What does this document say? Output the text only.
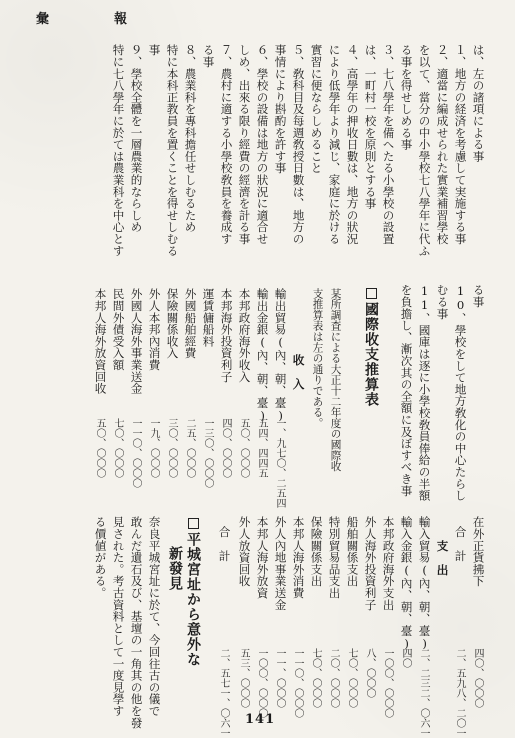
彙	報
は、左の諸項による事
１、地方の経済を考慮して実施する事
２、適當に編成せられた實業補習學校
を以て、當分の中小學校七八學年に代ふ
る事を得せしめる事
３、七八學年を備へたる小學校の設置
は、一町村一校を原則とする事
４、高學年の押收日數は、地方の狀況
により低學年より減じ、家庭に於ける
實習に便ならしめること
５、敎科目及每週敎授日數は、地方の
事情により斟酌を許す事
６、學校の設備は地方の狀況に適合せ
しめ、出來る限り經費の經濟を計る事
７、農村に適する小學校敎員を養成す
る事
８、農業科を專科擔任せしむるため
特に本科正教員を置くことを得せしむる
事
９、學校全體を一層農業的ならしめ
特に七八學年に於ては農業科を中心とす
る事
10、學校をして地方敎化の中心たらし
むる事
11、國庫は逐に小學校敎員俸給の半額
を負擔し、漸次其の全額に及ぼすべき事
國際收支推算表
某所調査による大正十二年度の國際收
支推算表は左の通りである。
收　入
輸出貿易(內、朝、臺)
一、九七〇、二五四
輸出金銀(內、朝、臺)
五四、四四五
本邦政府海外收入
五〇、〇〇〇
本邦海外投資利子
四〇、〇〇〇
運賃傭船料
一三〇、〇〇〇
外國船舶經費
二五、〇〇〇
保險關係收入
三〇、〇〇〇
外人本邦內消費
一九、〇〇〇
外國人海外事業送金
一一〇、〇〇〇
民間外債受入額
七〇、〇〇〇
本邦人海外放資回收
五〇、〇〇〇
在外正貨拂下
四〇、〇〇〇
合　計
二、五九八、二〇一
支　出
輸入貿易(內、朝、臺)
二、二三二、〇六一
輸入金銀(內、朝、臺)
四〇
本邦政府海外支出
一〇〇、〇〇〇
外人海外投資利子
八、〇〇〇
船舶關係支出
七〇、〇〇〇
特別貿易品支出
二〇、〇〇〇
保險關係支出
七〇、〇〇〇
本邦人海外消費
一一〇、〇〇〇
外人內地事業送金
一一、〇〇〇
本邦人海外放資
一〇〇、〇〇〇
外人放資回收
五三、〇〇〇
合　計
二、五七一、〇六一
平城宮址から意外な
新發見
奈良平城宮址に於て、今回往古の儀で
敢んだ遺石及び、基壇の一角其の他を發
見された。考古資料として一度見學す
る價値がある。
141
